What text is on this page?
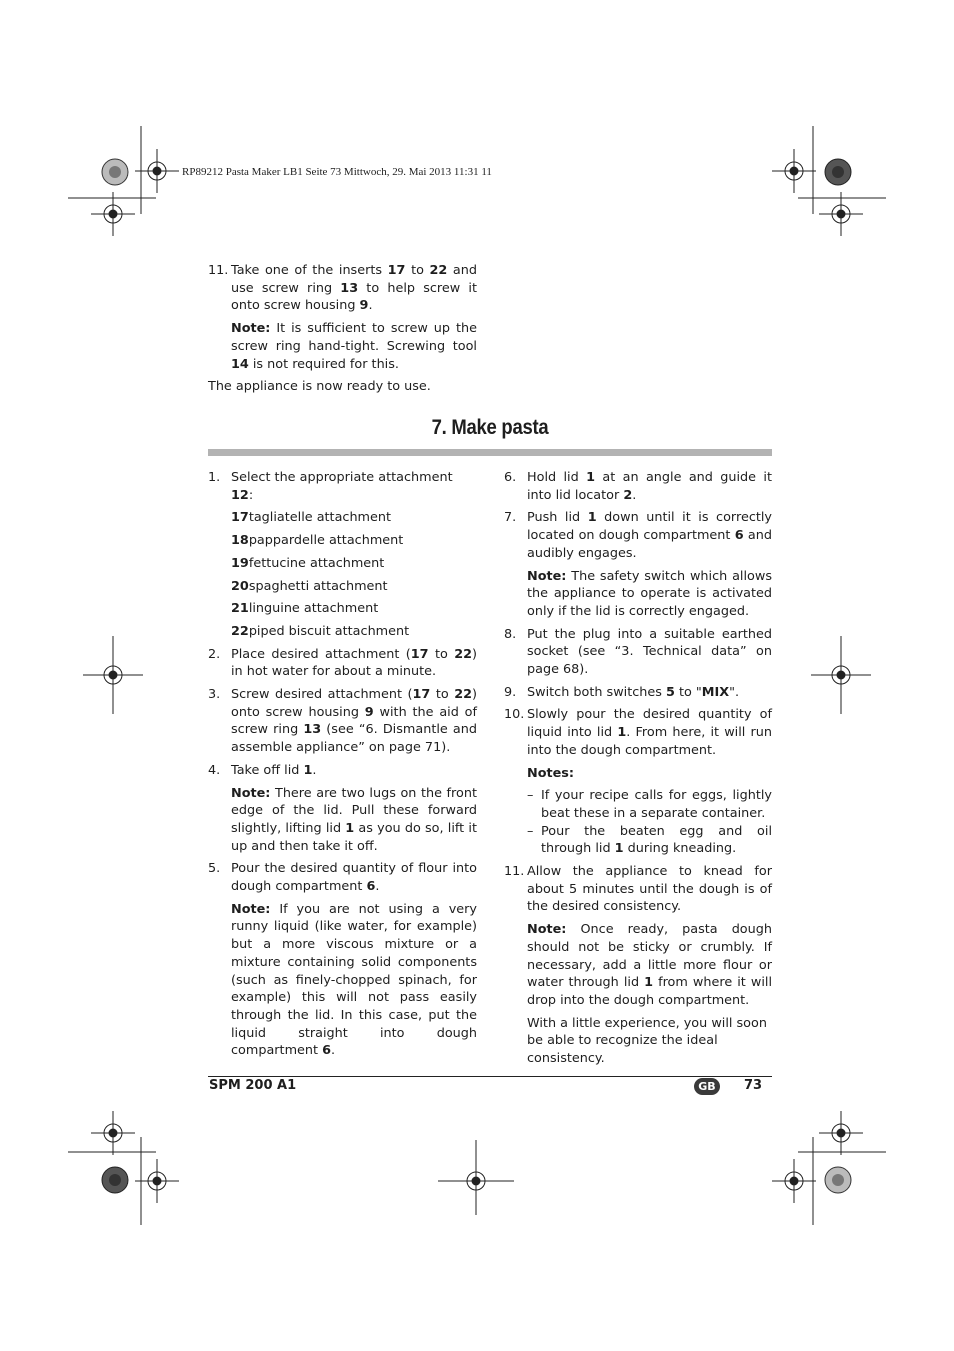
RP89212 Pasta Maker LB1 Seite 73 Mittwoch, 29. Mai 2013 11:31 11

11. Take one of the inserts 17 to 22 and use screw ring 13 to help screw it onto screw housing 9.

Note: It is sufficient to screw up the screw ring hand-tight. Screwing tool 14 is not required for this.

The appliance is now ready to use.

7. Make pasta

1. Select the appropriate attachment 12:

17tagliatelle attachment

18pappardelle attachment

19fettucine attachment

20spaghetti attachment

21linguine attachment

22piped biscuit attachment

2. Place desired attachment (17 to 22) in hot water for about a minute.

3. Screw desired attachment (17 to 22) onto screw housing 9 with the aid of screw ring 13 (see “6. Dismantle and assemble appliance” on page 71).

4. Take off lid 1.

Note: There are two lugs on the front edge of the lid. Pull these forward slightly, lifting lid 1 as you do so, lift it up and then take it off.

5. Pour the desired quantity of flour into dough compartment 6.

Note: If you are not using a very runny liquid (like water, for example) but a more viscous mixture or a mixture containing solid components (such as finely-chopped spinach, for example) this will not pass easily through the lid. In this case, put the liquid straight into dough compartment 6.

6. Hold lid 1 at an angle and guide it into lid locator 2.

7. Push lid 1 down until it is correctly located on dough compartment 6 and audibly engages.

Note: The safety switch which allows the appliance to operate is activated only if the lid is correctly engaged.

8. Put the plug into a suitable earthed socket (see “3. Technical data” on page 68).

9. Switch both switches 5 to "MIX".

10. Slowly pour the desired quantity of liquid into lid 1. From here, it will run into the dough compartment.

Notes:

– If your recipe calls for eggs, lightly beat these in a separate container.

– Pour the beaten egg and oil through lid 1 during kneading.

11. Allow the appliance to knead for about 5 minutes until the dough is of the desired consistency.

Note: Once ready, pasta dough should not be sticky or crumbly. If necessary, add a little more flour or water through lid 1 from where it will drop into the dough compartment.

With a little experience, you will soon be able to recognize the ideal consistency.

SPM 200 A1	GB	73
